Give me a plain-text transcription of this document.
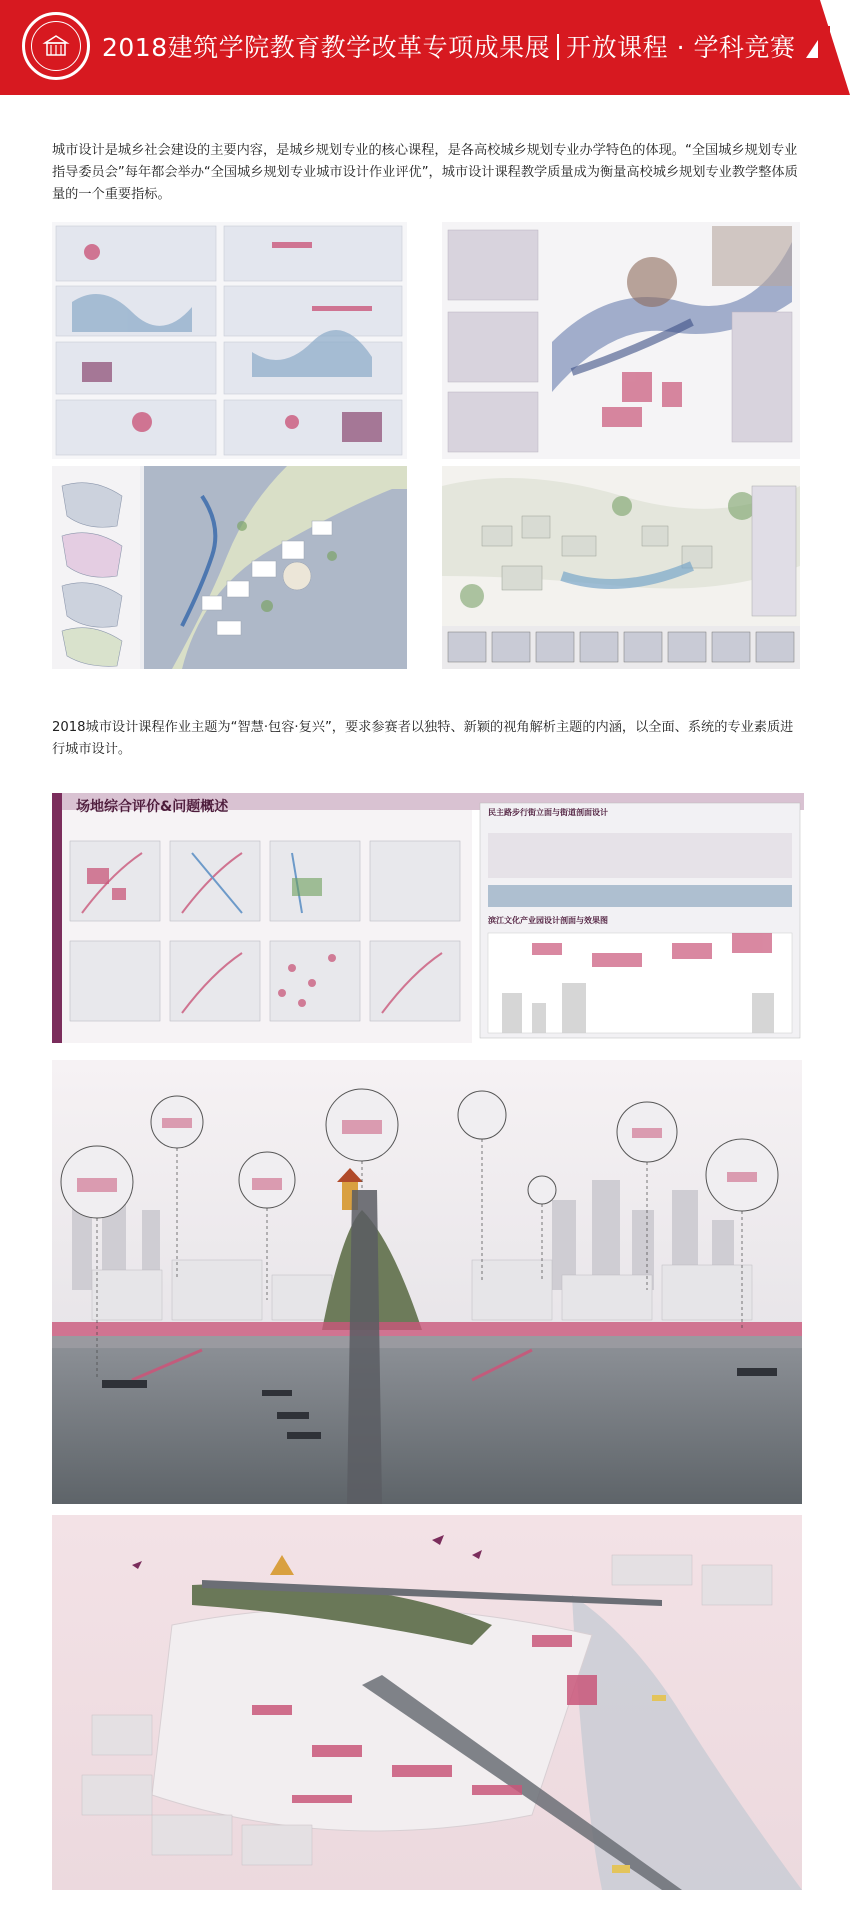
2018建筑学院教育教学改革专项成果展 开放课程 · 学科竞赛
城市设计是城乡社会建设的主要内容，是城乡规划专业的核心课程，是各高校城乡规划专业办学特色的体现。“全国城乡规划专业指导委员会”每年都会举办“全国城乡规划专业城市设计作业评优”，城市设计课程教学质量成为衡量高校城乡规划专业教学整体质量的一个重要指标。
2018城市设计课程作业主题为“智慧·包容·复兴”，要求参赛者以独特、新颖的视角解析主题的内涵，以全面、系统的专业素质进行城市设计。
场地综合评价&问题概述	民主路步行街立面与街道剖面设计
滨江文化产业园设计剖面与效果图
